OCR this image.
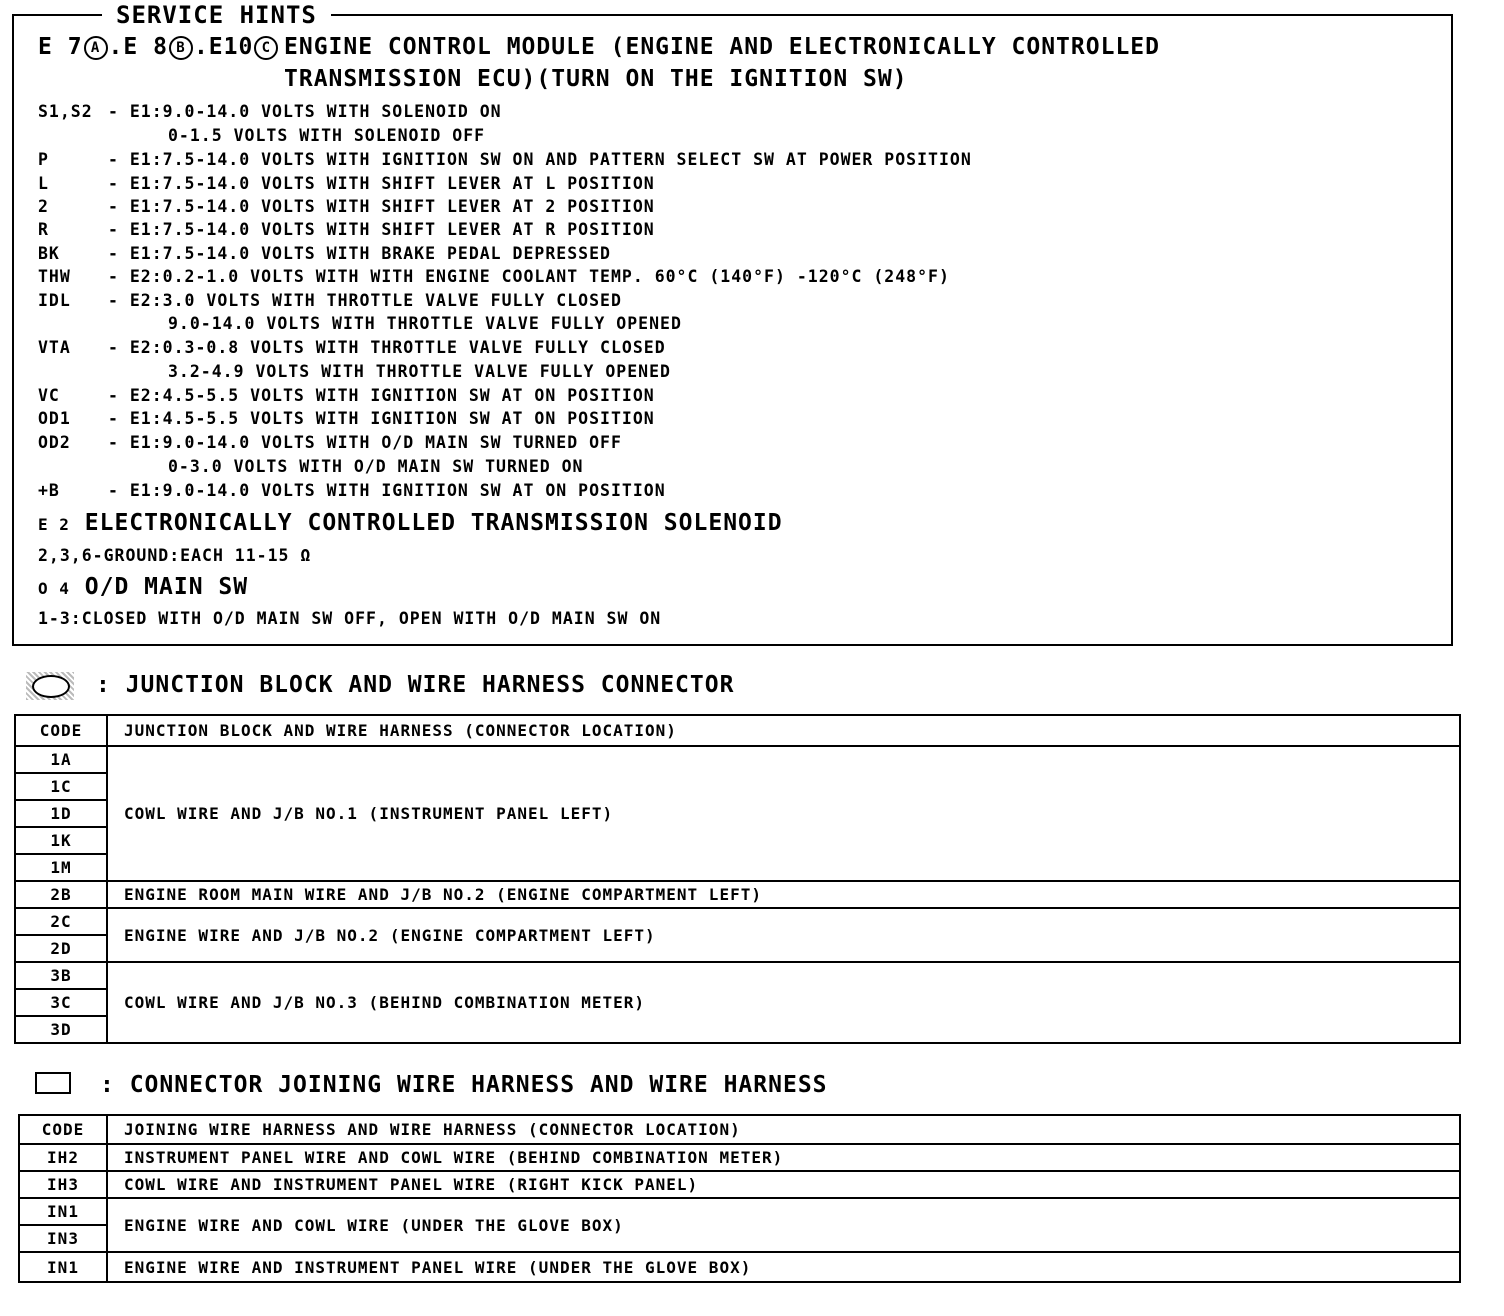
SERVICE HINTS
E 7 A .E 8 B .E10 C ENGINE CONTROL MODULE (ENGINE AND ELECTRONICALLY CONTROLLED
TRANSMISSION ECU)(TURN ON THE IGNITION SW)
S1,S2 - E1:9.0-14.0 VOLTS WITH SOLENOID ON
0-1.5 VOLTS WITH SOLENOID OFF
P	- E1:7.5-14.0 VOLTS WITH IGNITION SW ON AND PATTERN SELECT SW AT POWER POSITION
L	- E1:7.5-14.0 VOLTS WITH SHIFT LEVER AT L POSITION
2	- E1:7.5-14.0 VOLTS WITH SHIFT LEVER AT 2 POSITION
R	- E1:7.5-14.0 VOLTS WITH SHIFT LEVER AT R POSITION
BK	- E1:7.5-14.0 VOLTS WITH BRAKE PEDAL DEPRESSED
THW - E2:0.2-1.0 VOLTS WITH WITH ENGINE COOLANT TEMP. 60°C (140°F) -120°C (248°F)
IDL - E2:3.0 VOLTS WITH THROTTLE VALVE FULLY CLOSED
9.0-14.0 VOLTS WITH THROTTLE VALVE FULLY OPENED
VTA - E2:0.3-0.8 VOLTS WITH THROTTLE VALVE FULLY CLOSED
3.2-4.9 VOLTS WITH THROTTLE VALVE FULLY OPENED
VC	- E2:4.5-5.5 VOLTS WITH IGNITION SW AT ON POSITION
OD1 - E1:4.5-5.5 VOLTS WITH IGNITION SW AT ON POSITION
OD2 - E1:9.0-14.0 VOLTS WITH O/D MAIN SW TURNED OFF
0-3.0 VOLTS WITH O/D MAIN SW TURNED ON
+B	- E1:9.0-14.0 VOLTS WITH IGNITION SW AT ON POSITION
E 2 ELECTRONICALLY CONTROLLED TRANSMISSION SOLENOID
2,3,6-GROUND:EACH 11-15 Ω
O 4 O/D MAIN SW
1-3:CLOSED WITH O/D MAIN SW OFF, OPEN WITH O/D MAIN SW ON
: JUNCTION BLOCK AND WIRE HARNESS CONNECTOR
CODE	JUNCTION BLOCK AND WIRE HARNESS (CONNECTOR LOCATION)
1A	COWL WIRE AND J/B NO.1 (INSTRUMENT PANEL LEFT)
1C	
1D	
1K	
1M	
2B	ENGINE ROOM MAIN WIRE AND J/B NO.2 (ENGINE COMPARTMENT LEFT)
2C	ENGINE WIRE AND J/B NO.2 (ENGINE COMPARTMENT LEFT)
2D	
3B	COWL WIRE AND J/B NO.3 (BEHIND COMBINATION METER)
3C	
3D	
: CONNECTOR JOINING WIRE HARNESS AND WIRE HARNESS
CODE	JOINING WIRE HARNESS AND WIRE HARNESS (CONNECTOR LOCATION)
IH2	INSTRUMENT PANEL WIRE AND COWL WIRE (BEHIND COMBINATION METER)
IH3	COWL WIRE AND INSTRUMENT PANEL WIRE (RIGHT KICK PANEL)
IN1	ENGINE WIRE AND COWL WIRE (UNDER THE GLOVE BOX)
IN3	
IN1	ENGINE WIRE AND INSTRUMENT PANEL WIRE (UNDER THE GLOVE BOX)
